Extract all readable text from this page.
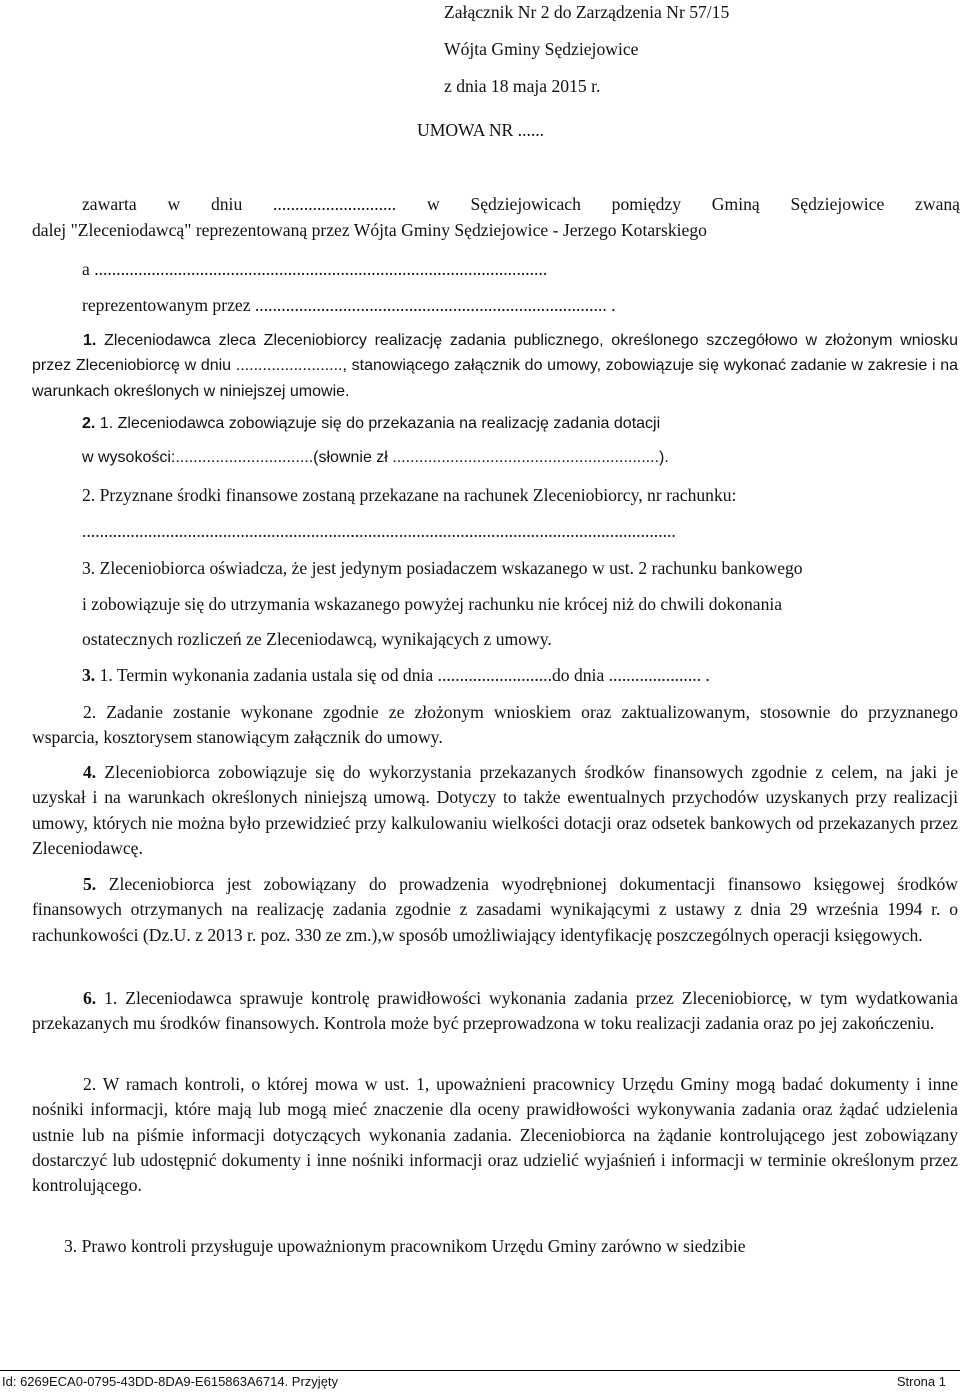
Załącznik Nr 2 do Zarządzenia Nr 57/15

Wójta Gminy Sędziejowice

z dnia 18 maja 2015 r.

UMOWA NR ......

zawarta w dniu ............................ w Sędziejowicach pomiędzy Gminą Sędziejowice zwaną

dalej "Zleceniodawcą" reprezentowaną przez Wójta Gminy Sędziejowice - Jerzego Kotarskiego

a .......................................................................................................

reprezentowanym przez ................................................................................ .

1. Zleceniodawca zleca Zleceniobiorcy realizację zadania publicznego, określonego szczegółowo w złożonym wniosku przez Zleceniobiorcę w dniu ........................, stanowiącego załącznik do umowy, zobowiązuje się wykonać zadanie w zakresie i na warunkach określonych w niniejszej umowie.

2. 1. Zleceniodawca zobowiązuje się do przekazania na realizację zadania dotacji

w wysokości:...............................(słownie zł ............................................................).

2. Przyznane środki finansowe zostaną przekazane na rachunek Zleceniobiorcy, nr rachunku:

.......................................................................................................................................

3. Zleceniobiorca oświadcza, że jest jedynym posiadaczem wskazanego w ust. 2 rachunku bankowego

i zobowiązuje się do utrzymania wskazanego powyżej rachunku nie krócej niż do chwili dokonania

ostatecznych rozliczeń ze Zleceniodawcą, wynikających z umowy.

3. 1. Termin wykonania zadania ustala się od dnia ..........................do dnia ..................... .

2. Zadanie zostanie wykonane zgodnie ze złożonym wnioskiem oraz zaktualizowanym, stosownie do przyznanego wsparcia, kosztorysem stanowiącym załącznik do umowy.

4. Zleceniobiorca zobowiązuje się do wykorzystania przekazanych środków finansowych zgodnie z celem, na jaki je uzyskał i na warunkach określonych niniejszą umową. Dotyczy to także ewentualnych przychodów uzyskanych przy realizacji umowy, których nie można było przewidzieć przy kalkulowaniu wielkości dotacji oraz odsetek bankowych od przekazanych przez Zleceniodawcę.

5. Zleceniobiorca jest zobowiązany do prowadzenia wyodrębnionej dokumentacji finansowo księgowej środków finansowych otrzymanych na realizację zadania zgodnie z zasadami wynikającymi z ustawy z dnia 29 września 1994 r. o rachunkowości (Dz.U. z 2013 r. poz. 330 ze zm.),w sposób umożliwiający identyfikację poszczególnych operacji księgowych.

6. 1. Zleceniodawca sprawuje kontrolę prawidłowości wykonania zadania przez Zleceniobiorcę, w tym wydatkowania przekazanych mu środków finansowych. Kontrola może być przeprowadzona w toku realizacji zadania oraz po jej zakończeniu.

2. W ramach kontroli, o której mowa w ust. 1, upoważnieni pracownicy Urzędu Gminy mogą badać dokumenty i inne nośniki informacji, które mają lub mogą mieć znaczenie dla oceny prawidłowości wykonywania zadania oraz żądać udzielenia ustnie lub na piśmie informacji dotyczących wykonania zadania. Zleceniobiorca na żądanie kontrolującego jest zobowiązany dostarczyć lub udostępnić dokumenty i inne nośniki informacji oraz udzielić wyjaśnień i informacji w terminie określonym przez kontrolującego.

3. Prawo kontroli przysługuje upoważnionym pracownikom Urzędu Gminy zarówno w siedzibie

Id: 6269ECA0-0795-43DD-8DA9-E615863A6714. Przyjęty	Strona 1
